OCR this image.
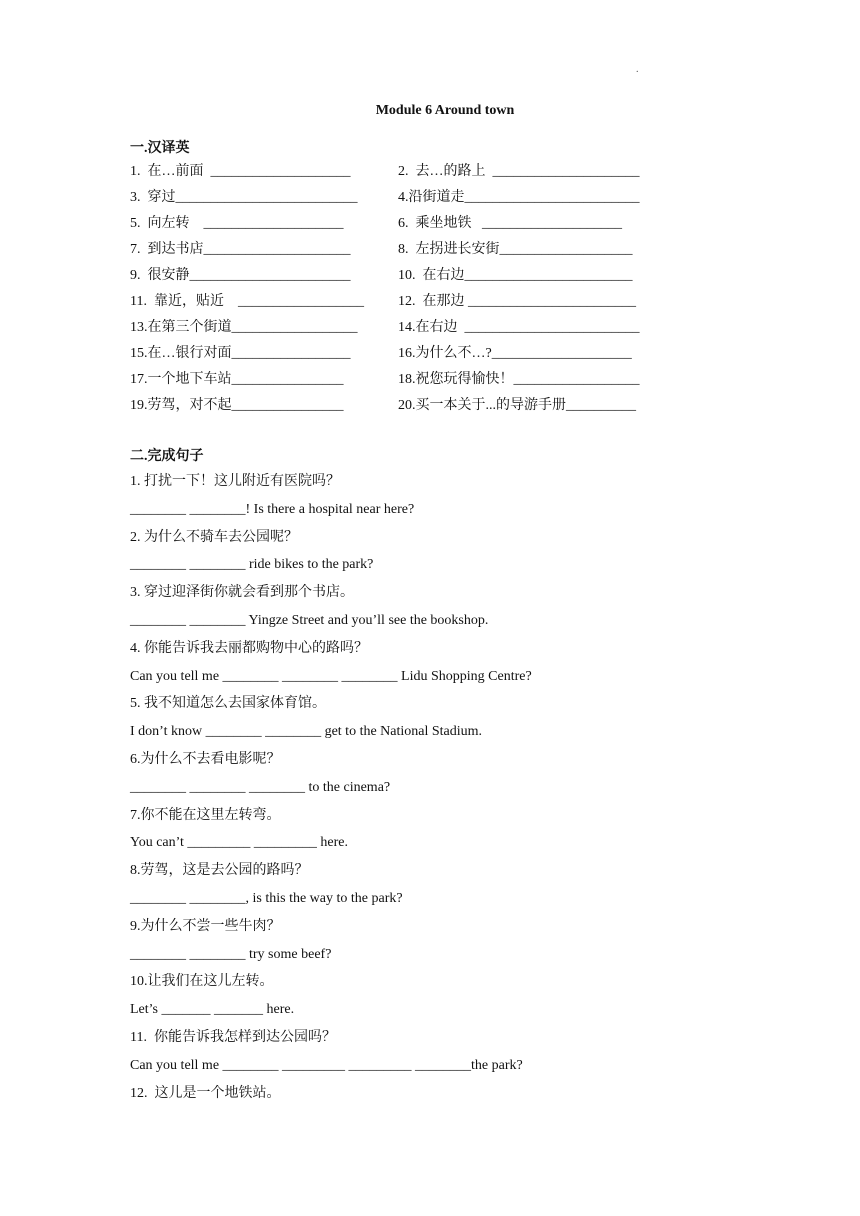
.
Module 6 Around town
一.汉译英
1.  在…前面  ____________________	2.  去…的路上  _____________________
3.  穿过__________________________	4.沿街道走_________________________
5.  向左转    ____________________	6.  乘坐地铁   ____________________
7.  到达书店_____________________	8.  左拐进长安街___________________
9.  很安静_______________________	10.  在右边________________________
11.  靠近，贴近    __________________ 12.  在那边 ________________________
13.在第三个街道__________________	14.在右边  _________________________
15.在…银行对面_________________	16.为什么不…?____________________
17.一个地下车站________________	18.祝您玩得愉快！__________________
19.劳驾，对不起________________	20.买一本关于...的导游手册__________
二.完成句子
1. 打扰一下！这儿附近有医院吗？
________ ________! Is there a hospital near here?
2. 为什么不骑车去公园呢？
________ ________ ride bikes to the park?
3. 穿过迎泽街你就会看到那个书店。
________ ________ Yingze Street and you’ll see the bookshop.
4. 你能告诉我去丽都购物中心的路吗？
Can you tell me ________ ________ ________ Lidu Shopping Centre?
5. 我不知道怎么去国家体育馆。
I don’t know ________ ________ get to the National Stadium.
6.为什么不去看电影呢？
________ ________ ________ to the cinema?
7.你不能在这里左转弯。
You can’t _________ _________ here.
8.劳驾，这是去公园的路吗？
________ ________, is this the way to the park?
9.为什么不尝一些牛肉？
________ ________ try some beef?
10.让我们在这儿左转。
Let’s _______ _______ here.
11.  你能告诉我怎样到达公园吗？
Can you tell me ________ _________ _________ ________the park?
12.  这儿是一个地铁站。
